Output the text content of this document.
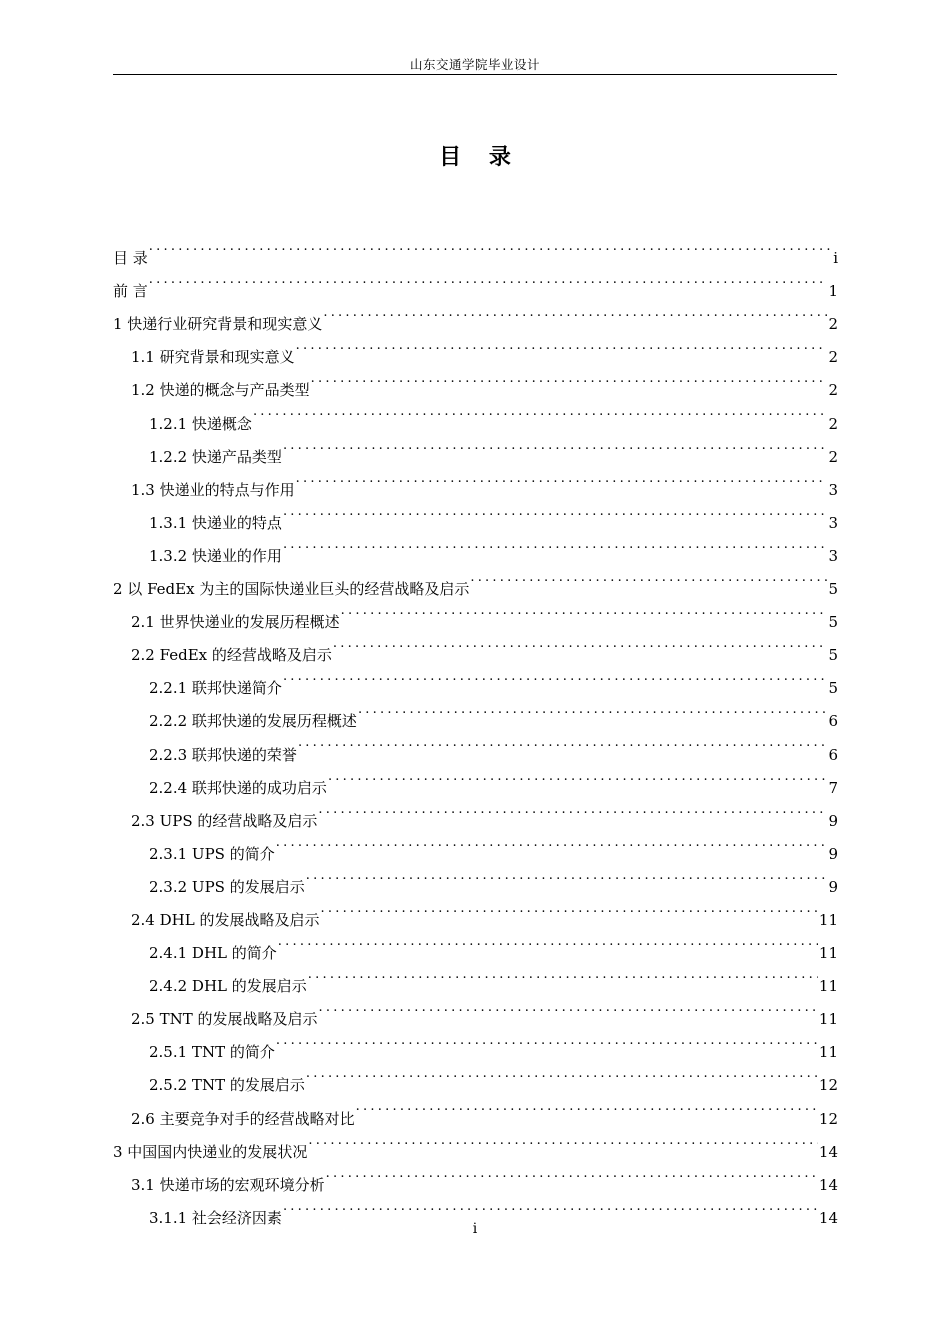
山东交通学院毕业设计
目 录
目 录 . . .	i
前 言 . . .	1
1 快递行业研究背景和现实意义 . . .	2
1.1 研究背景和现实意义 . . .	2
1.2 快递的概念与产品类型 . . .	2
1.2.1 快递概念 . . .	2
1.2.2 快递产品类型 . . .	2
1.3 快递业的特点与作用 . . .	3
1.3.1 快递业的特点 . . .	3
1.3.2 快递业的作用 . . .	3
2 以 FedEx 为主的国际快递业巨头的经营战略及启示 . . .	5
2.1 世界快递业的发展历程概述 . . .	5
2.2 FedEx 的经营战略及启示 . . .	5
2.2.1 联邦快递简介 . . .	5
2.2.2 联邦快递的发展历程概述 . . .	6
2.2.3 联邦快递的荣誉 . . .	6
2.2.4 联邦快递的成功启示 . . .	7
2.3 UPS 的经营战略及启示 . . .	9
2.3.1 UPS 的简介 . . .	9
2.3.2 UPS 的发展启示 . . .	9
2.4 DHL 的发展战略及启示 . . .	11
2.4.1 DHL 的简介 . . .	11
2.4.2 DHL 的发展启示 . . .	11
2.5 TNT 的发展战略及启示 . . .	11
2.5.1 TNT 的简介 . . .	11
2.5.2 TNT 的发展启示 . . .	12
2.6 主要竞争对手的经营战略对比 . . .	12
3 中国国内快递业的发展状况 . . .	14
3.1 快递市场的宏观环境分析 . . .	14
3.1.1 社会经济因素 . . .	14
i
